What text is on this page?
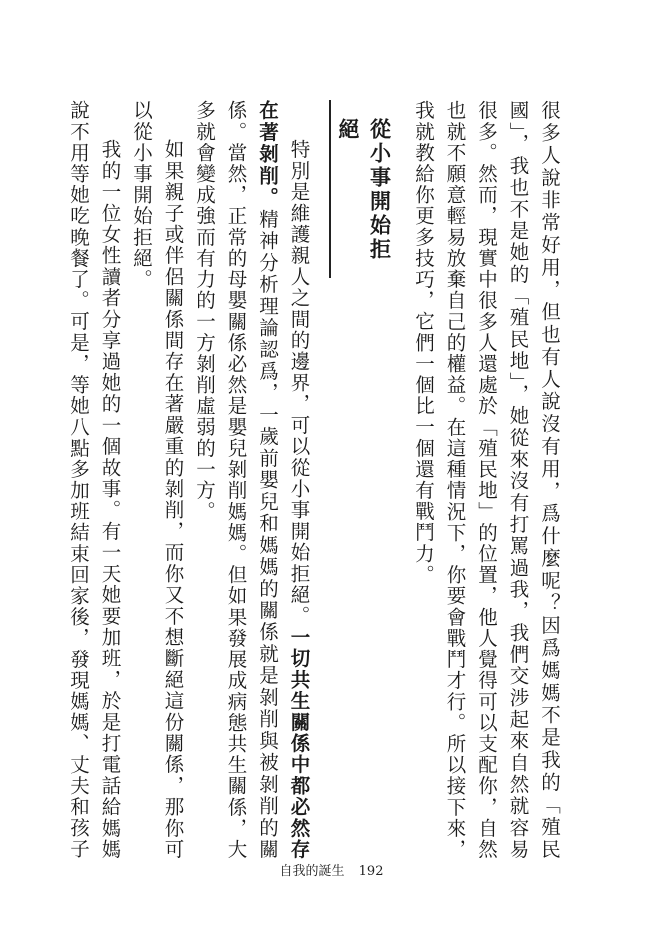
很多人說非常好用，但也有人說沒有用，爲什麼呢？因爲媽媽不是我的「殖民國」，我也不是她的「殖民地」，她從來沒有打罵過我，我們交涉起來自然就容易很多。然而，現實中很多人還處於「殖民地」的位置，他人覺得可以支配你，自然也就不願意輕易放棄自己的權益。在這種情況下，你要會戰鬥才行。所以接下來，我就教給你更多技巧，它們一個比一個還有戰鬥力。

從小事開始拒絕

特別是維護親人之間的邊界，可以從小事開始拒絕。一切共生關係中都必然存在著剝削。精神分析理論認爲，一歲前嬰兒和媽媽的關係就是剝削與被剝削的關係。當然，正常的母嬰關係必然是嬰兒剝削媽媽。但如果發展成病態共生關係，大多就會變成強而有力的一方剝削虛弱的一方。

如果親子或伴侶關係間存在著嚴重的剝削，而你又不想斷絕這份關係，那你可以從小事開始拒絕。

我的一位女性讀者分享過她的一個故事。有一天她要加班，於是打電話給媽媽說不用等她吃晚餐了。可是，等她八點多加班結束回家後，發現媽媽、丈夫和孩子

自我的誕生 192
